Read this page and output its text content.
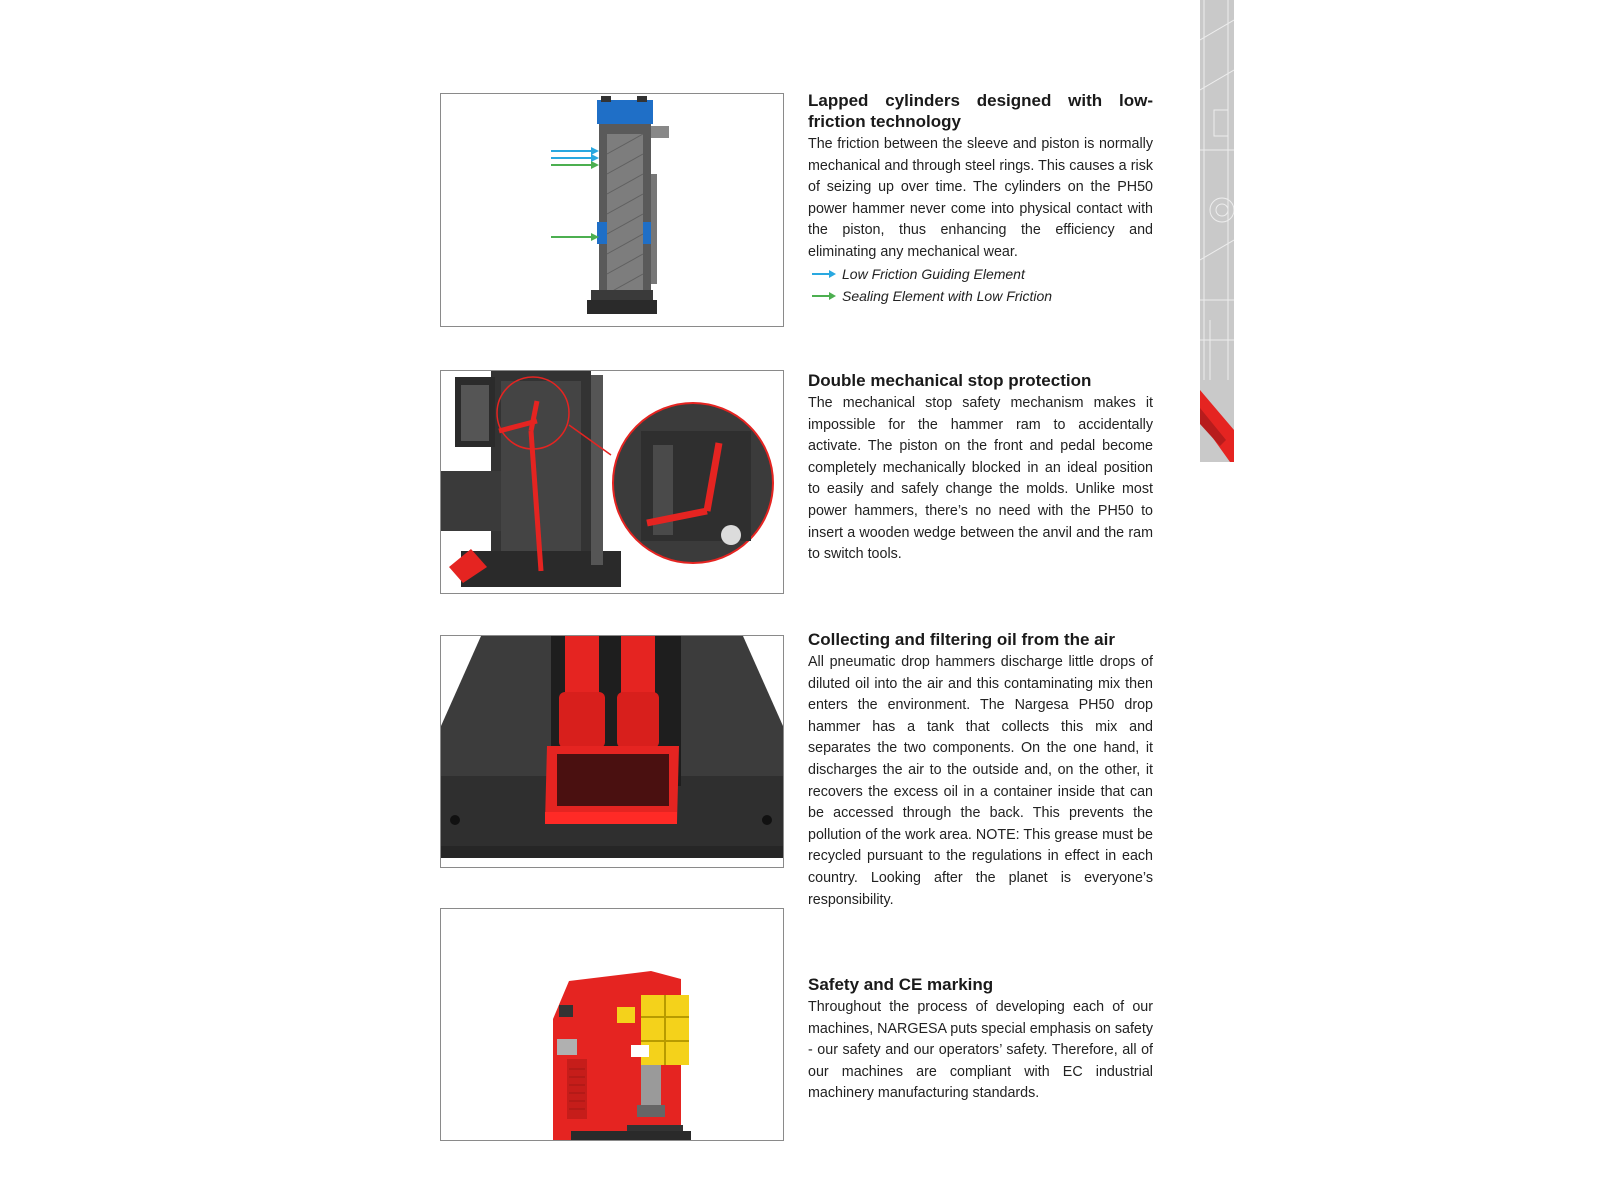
Lapped cylinders designed with low-friction technology

The friction between the sleeve and piston is normally mechanical and through steel rings. This causes a risk of seizing up over time. The cylinders on the PH50 power hammer never come into physical contact with the piston, thus enhancing the efficiency and eliminating any mechanical wear.

Low Friction Guiding Element
Sealing Element with Low Friction

Double mechanical stop protection

The mechanical stop safety mechanism makes it impossible for the hammer ram to accidentally activate. The piston on the front and pedal become completely mechanically blocked in an ideal position to easily and safely change the molds. Unlike most power hammers, there’s no need with the PH50 to insert a wooden wedge between the anvil and the ram to switch tools.

Collecting and filtering oil from the air

All pneumatic drop hammers discharge little drops of diluted oil into the air and this contaminating mix then enters the environment. The Nargesa PH50 drop hammer has a tank that collects this mix and separates the two components. On the one hand, it discharges the air to the outside and, on the other, it recovers the excess oil in a container inside that can be accessed through the back. This prevents the pollution of the work area. NOTE: This grease must be recycled pursuant to the regulations in effect in each country. Looking after the planet is everyone’s responsibility.

Safety and CE marking

Throughout the process of developing each of our machines, NARGESA puts special emphasis on safety - our safety and our operators’ safety. Therefore, all of our machines are compliant with EC industrial machinery manufacturing standards.
